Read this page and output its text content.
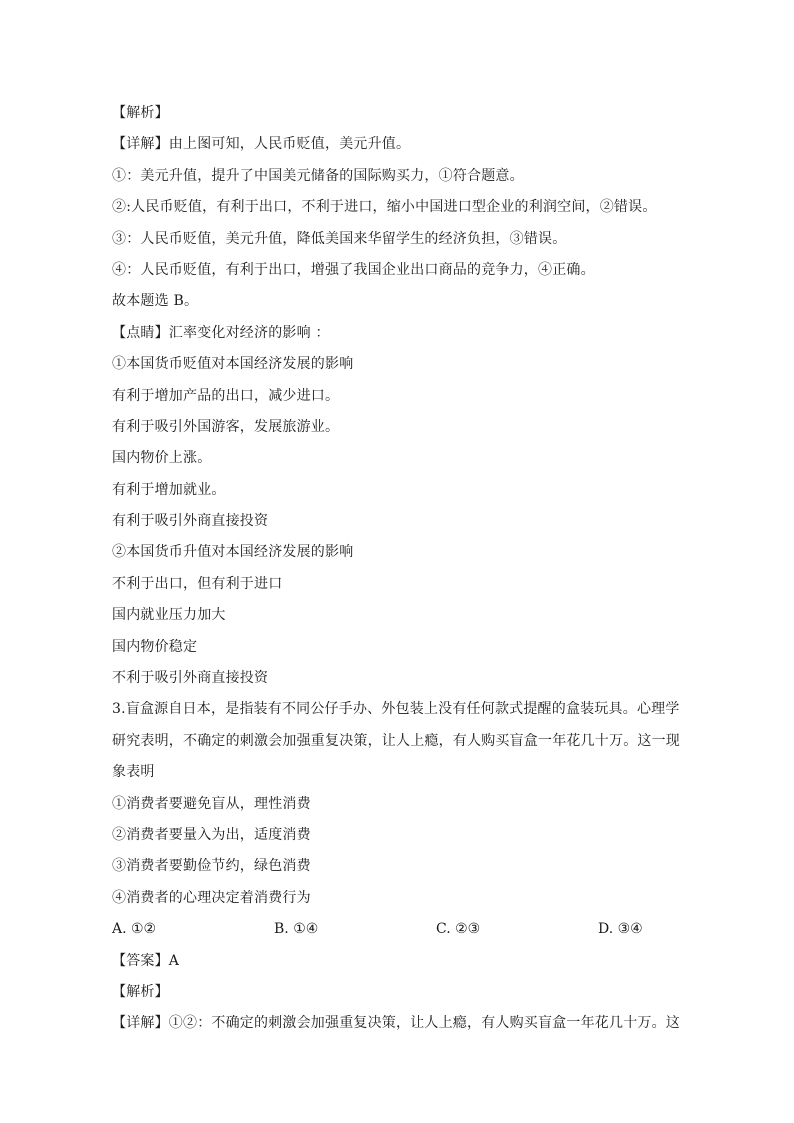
【解析】
【详解】由上图可知，人民币贬值，美元升值。
①：美元升值，提升了中国美元储备的国际购买力，①符合题意。
②:人民币贬值，有利于出口，不利于进口，缩小中国进口型企业的利润空间，②错误。
③：人民币贬值，美元升值，降低美国来华留学生的经济负担，③错误。
④：人民币贬值，有利于出口，增强了我国企业出口商品的竞争力，④正确。
故本题选 B。
【点睛】汇率变化对经济的影响 ：
①本国货币贬值对本国经济发展的影响
有利于增加产品的出口，减少进口。
有利于吸引外国游客，发展旅游业。
国内物价上涨。
有利于增加就业。
有利于吸引外商直接投资
②本国货币升值对本国经济发展的影响
不利于出口，但有利于进口
国内就业压力加大
国内物价稳定
不利于吸引外商直接投资
3.盲盒源自日本，是指装有不同公仔手办、外包装上没有任何款式提醒的盒装玩具。心理学
研究表明，不确定的刺激会加强重复决策，让人上瘾，有人购买盲盒一年花几十万。这一现
象表明
①消费者要避免盲从，理性消费
②消费者要量入为出，适度消费
③消费者要勤俭节约，绿色消费
④消费者的心理决定着消费行为
A. ①②	B. ①④	C. ②③	D. ③④
【答案】A
【解析】
【详解】①②：不确定的刺激会加强重复决策，让人上瘾，有人购买盲盒一年花几十万。这
